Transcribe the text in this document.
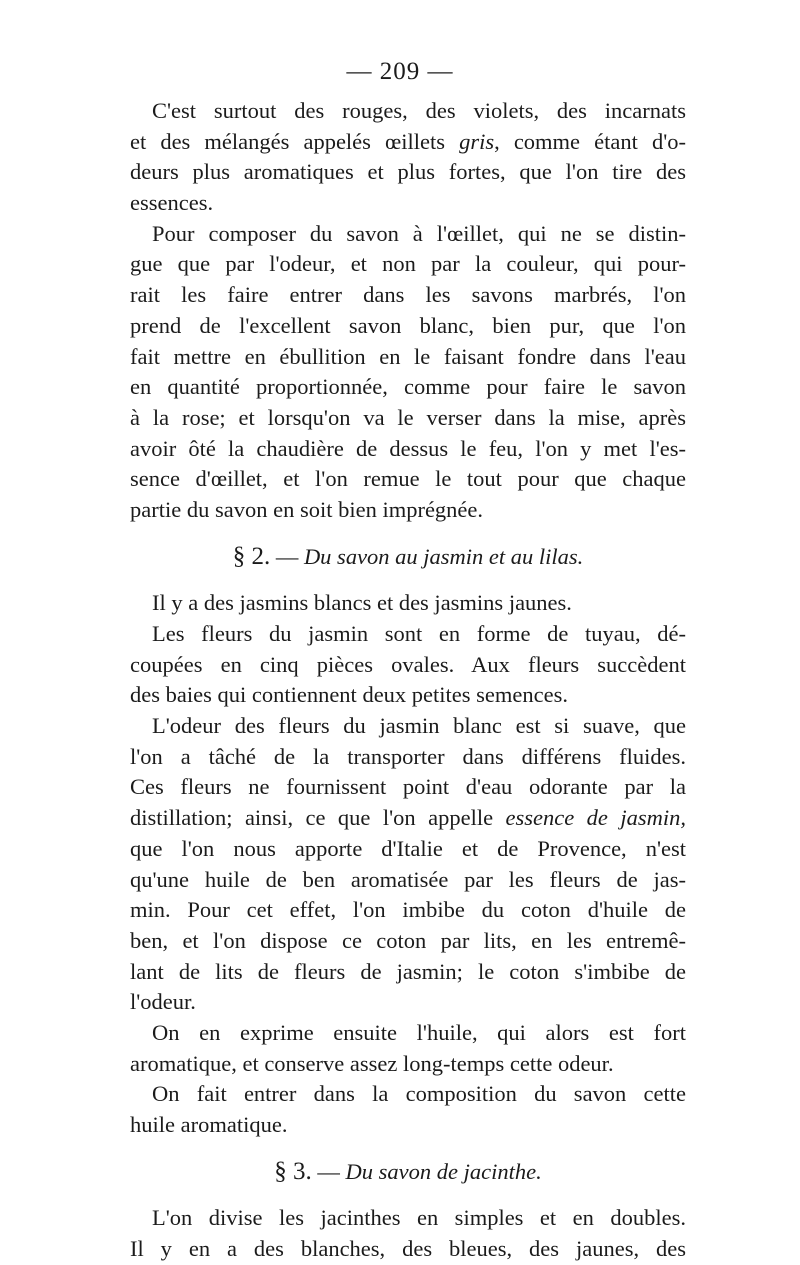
— 209 —
C'est surtout des rouges, des violets, des incarnats
et des mélangés appelés œillets gris, comme étant d'o-
deurs plus aromatiques et plus fortes, que l'on tire des
essences.
Pour composer du savon à l'œillet, qui ne se distin-
gue que par l'odeur, et non par la couleur, qui pour-
rait les faire entrer dans les savons marbrés, l'on
prend de l'excellent savon blanc, bien pur, que l'on
fait mettre en ébullition en le faisant fondre dans l'eau
en quantité proportionnée, comme pour faire le savon
à la rose; et lorsqu'on va le verser dans la mise, après
avoir ôté la chaudière de dessus le feu, l'on y met l'es-
sence d'œillet, et l'on remue le tout pour que chaque
partie du savon en soit bien imprégnée.
§ 2. — Du savon au jasmin et au lilas.
Il y a des jasmins blancs et des jasmins jaunes.
Les fleurs du jasmin sont en forme de tuyau, dé-
coupées en cinq pièces ovales. Aux fleurs succèdent
des baies qui contiennent deux petites semences.
L'odeur des fleurs du jasmin blanc est si suave, que
l'on a tâché de la transporter dans différens fluides.
Ces fleurs ne fournissent point d'eau odorante par la
distillation; ainsi, ce que l'on appelle essence de jasmin,
que l'on nous apporte d'Italie et de Provence, n'est
qu'une huile de ben aromatisée par les fleurs de jas-
min. Pour cet effet, l'on imbibe du coton d'huile de
ben, et l'on dispose ce coton par lits, en les entremê-
lant de lits de fleurs de jasmin; le coton s'imbibe de
l'odeur.
On en exprime ensuite l'huile, qui alors est fort
aromatique, et conserve assez long-temps cette odeur.
On fait entrer dans la composition du savon cette
huile aromatique.
§ 3. — Du savon de jacinthe.
L'on divise les jacinthes en simples et en doubles.
Il y en a des blanches, des bleues, des jaunes, des
